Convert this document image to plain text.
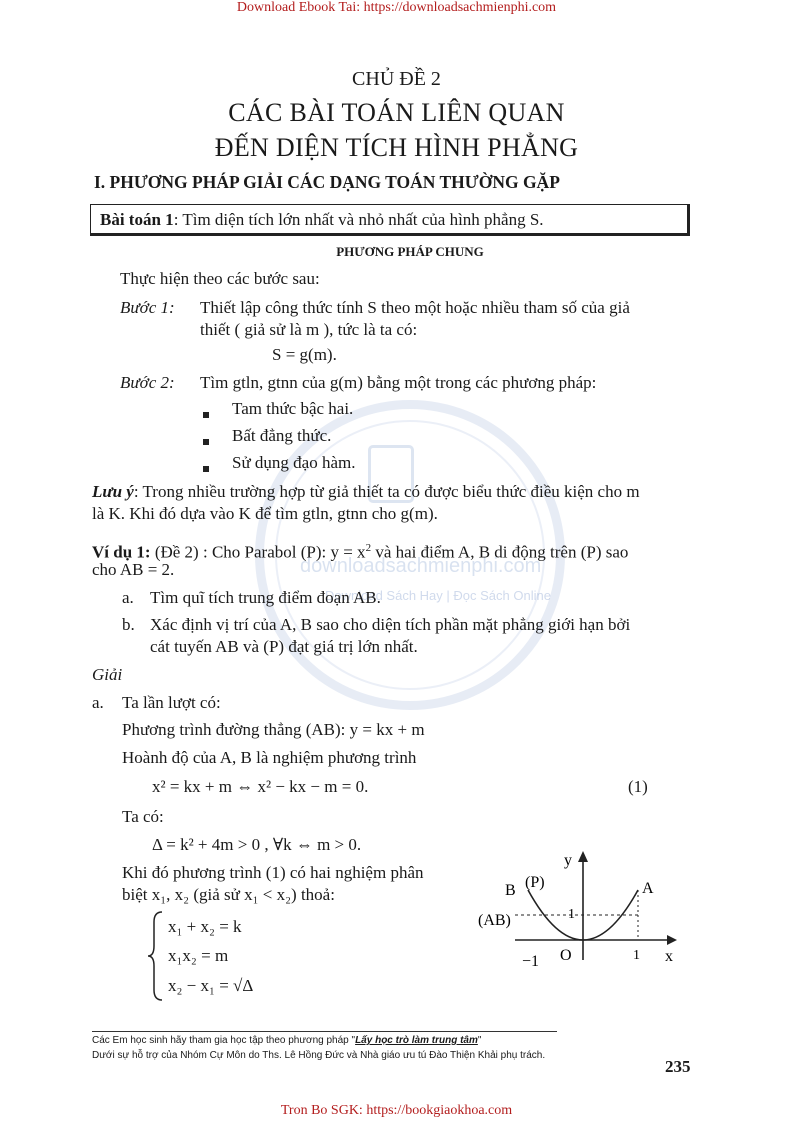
downloadsachmienphi.com
Download Sách Hay | Đọc Sách Online
Download Ebook Tai: https://downloadsachmienphi.com
CHỦ ĐỀ 2
CÁC BÀI TOÁN LIÊN QUAN
ĐẾN DIỆN TÍCH HÌNH PHẲNG
I. PHƯƠNG PHÁP GIẢI CÁC DẠNG TOÁN THƯỜNG GẶP
Bài toán 1: Tìm diện tích lớn nhất và nhỏ nhất của hình phẳng S.
PHƯƠNG PHÁP CHUNG
Thực hiện theo các bước sau:
Bước 1: Thiết lập công thức tính S theo một hoặc nhiều tham số của giả
thiết ( giả sử là m ), tức là ta có:
S = g(m).
Bước 2: Tìm gtln, gtnn của g(m) bằng một trong các phương pháp:
Tam thức bậc hai.
Bất đẳng thức.
Sử dụng đạo hàm.
Lưu ý: Trong nhiều trường hợp từ giả thiết ta có được biểu thức điều kiện cho m
là K. Khi đó dựa vào K để tìm gtln, gtnn cho g(m).
Ví dụ 1: (Đề 2) : Cho Parabol (P): $y = x^2$ và hai điểm A, B di động trên (P) sao
cho AB = 2.
a. Tìm quĩ tích trung điểm đoạn AB.
b. Xác định vị trí của A, B sao cho diện tích phần mặt phẳng giới hạn bởi
cát tuyến AB và (P) đạt giá trị lớn nhất.
Giải
a. Ta lần lượt có:
Phương trình đường thẳng (AB): y = kx + m
Hoành độ của A, B là nghiệm phương trình
x² = kx + m ⇔ x² − kx − m = 0.	(1)
Ta có:
Δ = k² + 4m > 0 , ∀k ⇔ m > 0.
Khi đó phương trình (1) có hai nghiệm phân
biệt x₁, x₂ (giả sử x₁ < x₂) thoả:
x₁ + x₂ = k
x₁x₂ = m
x₂ − x₁ = √Δ
y
x
B (P)	A
(AB)
O
1
1
−1
Các Em học sinh hãy tham gia học tập theo phương pháp "Lấy học trò làm trung tâm"
Dưới sự hỗ trợ của Nhóm Cự Môn do Ths. Lê Hồng Đức và Nhà giáo ưu tú Đào Thiện Khải phụ trách.
235
Tron Bo SGK: https://bookgiaokhoa.com
